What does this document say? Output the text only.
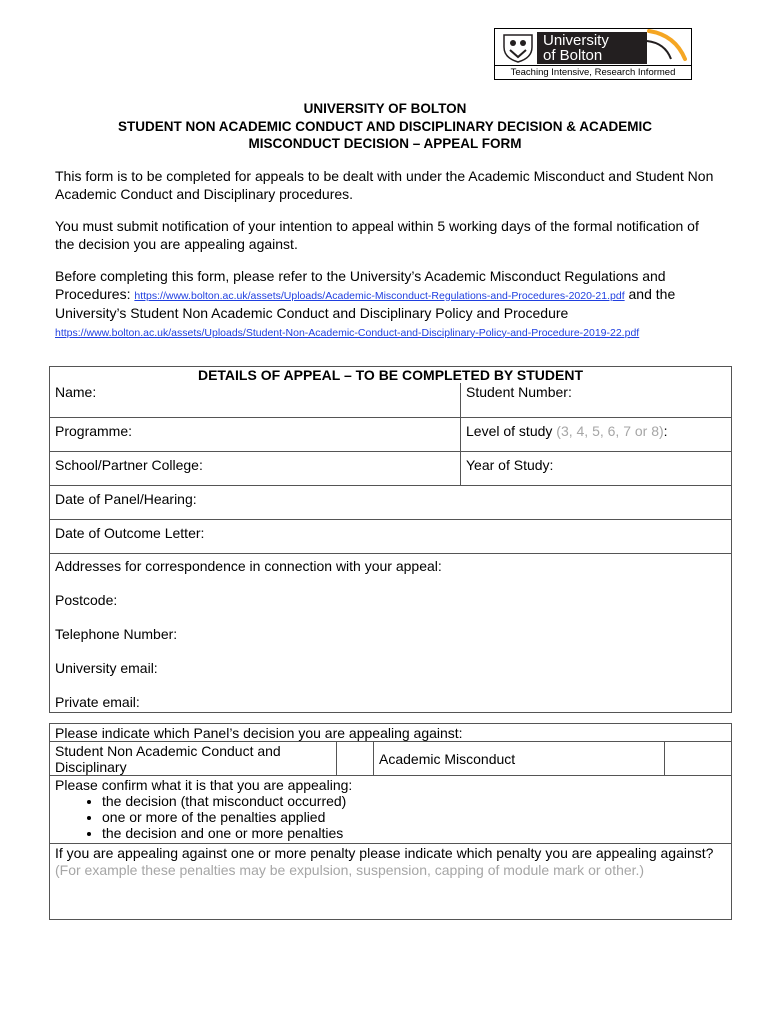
University
of Bolton
Teaching Intensive, Research Informed
UNIVERSITY OF BOLTON
STUDENT NON ACADEMIC CONDUCT AND DISCIPLINARY DECISION & ACADEMIC
MISCONDUCT DECISION – APPEAL FORM
This form is to be completed for appeals to be dealt with under the Academic Misconduct and Student Non Academic Conduct and Disciplinary procedures.
You must submit notification of your intention to appeal within 5 working days of the formal notification of the decision you are appealing against.
Before completing this form, please refer to the University’s Academic Misconduct Regulations and Procedures: https://www.bolton.ac.uk/assets/Uploads/Academic-Misconduct-Regulations-and-Procedures-2020-21.pdf and the University’s Student Non Academic Conduct and Disciplinary Policy and Procedure https://www.bolton.ac.uk/assets/Uploads/Student-Non-Academic-Conduct-and-Disciplinary-Policy-and-Procedure-2019-22.pdf
DETAILS OF APPEAL – TO BE COMPLETED BY STUDENT	

Name:	Student Number:
Programme:	Level of study (3, 4, 5, 6, 7 or 8):
School/Partner College:	Year of Study:
Date of Panel/Hearing:	
Date of Outcome Letter:	

Addresses for correspondence in connection with your appeal:
Postcode:
Telephone Number:
University email:
Private email:	
Please indicate which Panel’s decision you are appealing against:
Student Non Academic Conduct and Disciplinary		Academic Misconduct	

Please confirm what it is that you are appealing:
• the decision (that misconduct occurred)
• one or more of the penalties applied
• the decision and one or more penalties

If you are appealing against one or more penalty please indicate which penalty you are appealing against? (For example these penalties may be expulsion, suspension, capping of module mark or other.)
